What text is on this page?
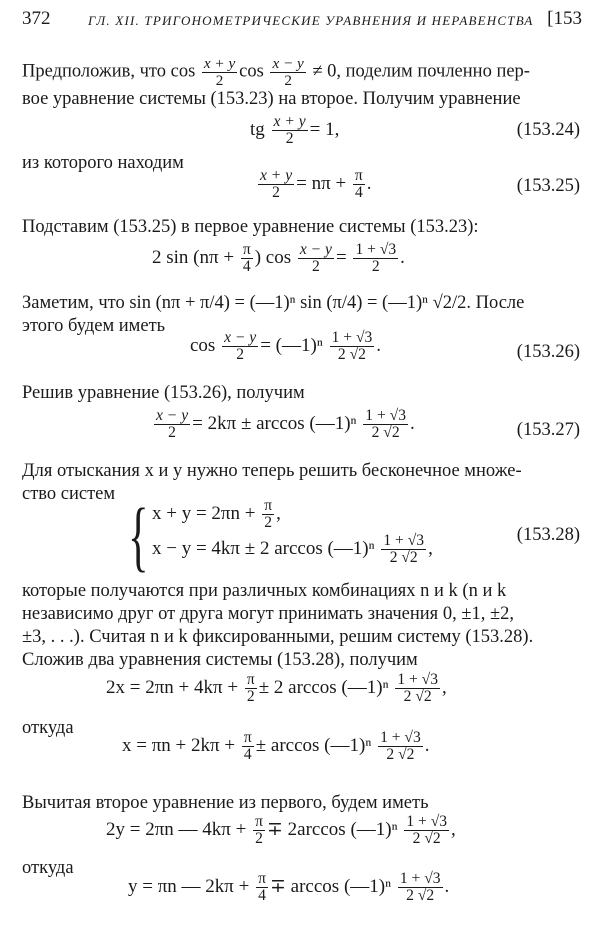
372	ГЛ. XII. ТРИГОНОМЕТРИЧЕСКИЕ УРАВНЕНИЯ И НЕРАВЕНСТВА [153
Предположив, что $\cos \frac{x + y}{2}$ $\cos \frac{x - y}{2} \ne 0$, поделим почленно пер-
вое уравнение системы (153.23) на второе. Получим уравнение
tg $\frac{x + y}{2} = 1$,	(153.24)
из которого находим
$\frac{x + y}{2} = n\pi + \frac{\pi}{4}$ .	(153.25)
Подставим (153.25) в первое уравнение системы (153.23):
2 $\sin (n\pi + \frac{\pi}{4}$ ) $\cos \frac{x - y}{2} = \frac{1 + √3}{2}$ .
Заметим, что sin (nπ + π/4) = (—1)ⁿ sin (π/4) = (—1)ⁿ √2/2. После
этого будем иметь
$\cos \frac{x - y}{2}$ = (—1)ⁿ $\frac{1 + √3}{2 √2}$ .	(153.26)
Решив уравнение (153.26), получим
$\frac{x - y}{2} = 2k\pi \pm \arccos$ (—1)ⁿ $\frac{1 + √3}{2 √2}$ .	(153.27)
Для отыскания x и y нужно теперь решить бесконечное множе-
ство систем { $x + y = 2\pi n + \frac{\pi}{2}$ ,
x − y = 4kπ ± 2 arccos (—1)ⁿ $\frac{1 + √3}{2 √2}$ ,
(153.28)
которые получаются при различных комбинациях n и k (n и k
независимо друг от друга могут принимать значения 0, ±1, ±2,
±3, . . .). Считая n и k фиксированными, решим систему (153.28).
Сложив два уравнения системы (153.28), получим
$2x = 2\pi n + 4k\pi + \frac{\pi}{2} \pm 2$ arccos (—1)ⁿ $\frac{1 + √3}{2 √2}$ ,
откуда
$x = \pi n + 2k\pi + \frac{\pi}{4} \pm \arccos$ (—1)ⁿ $\frac{1 + √3}{2 √2}$ .
Вычитая второе уравнение из первого, будем иметь
2y = 2πn — $4k\pi + \frac{\pi}{2} \mp 2\arccos$ (—1)ⁿ $\frac{1 + √3}{2 √2}$ ,
откуда
y = πn — $2k\pi + \frac{\pi}{4} \mp \arccos$ (—1)ⁿ $\frac{1 + √3}{2 √2}$ .
